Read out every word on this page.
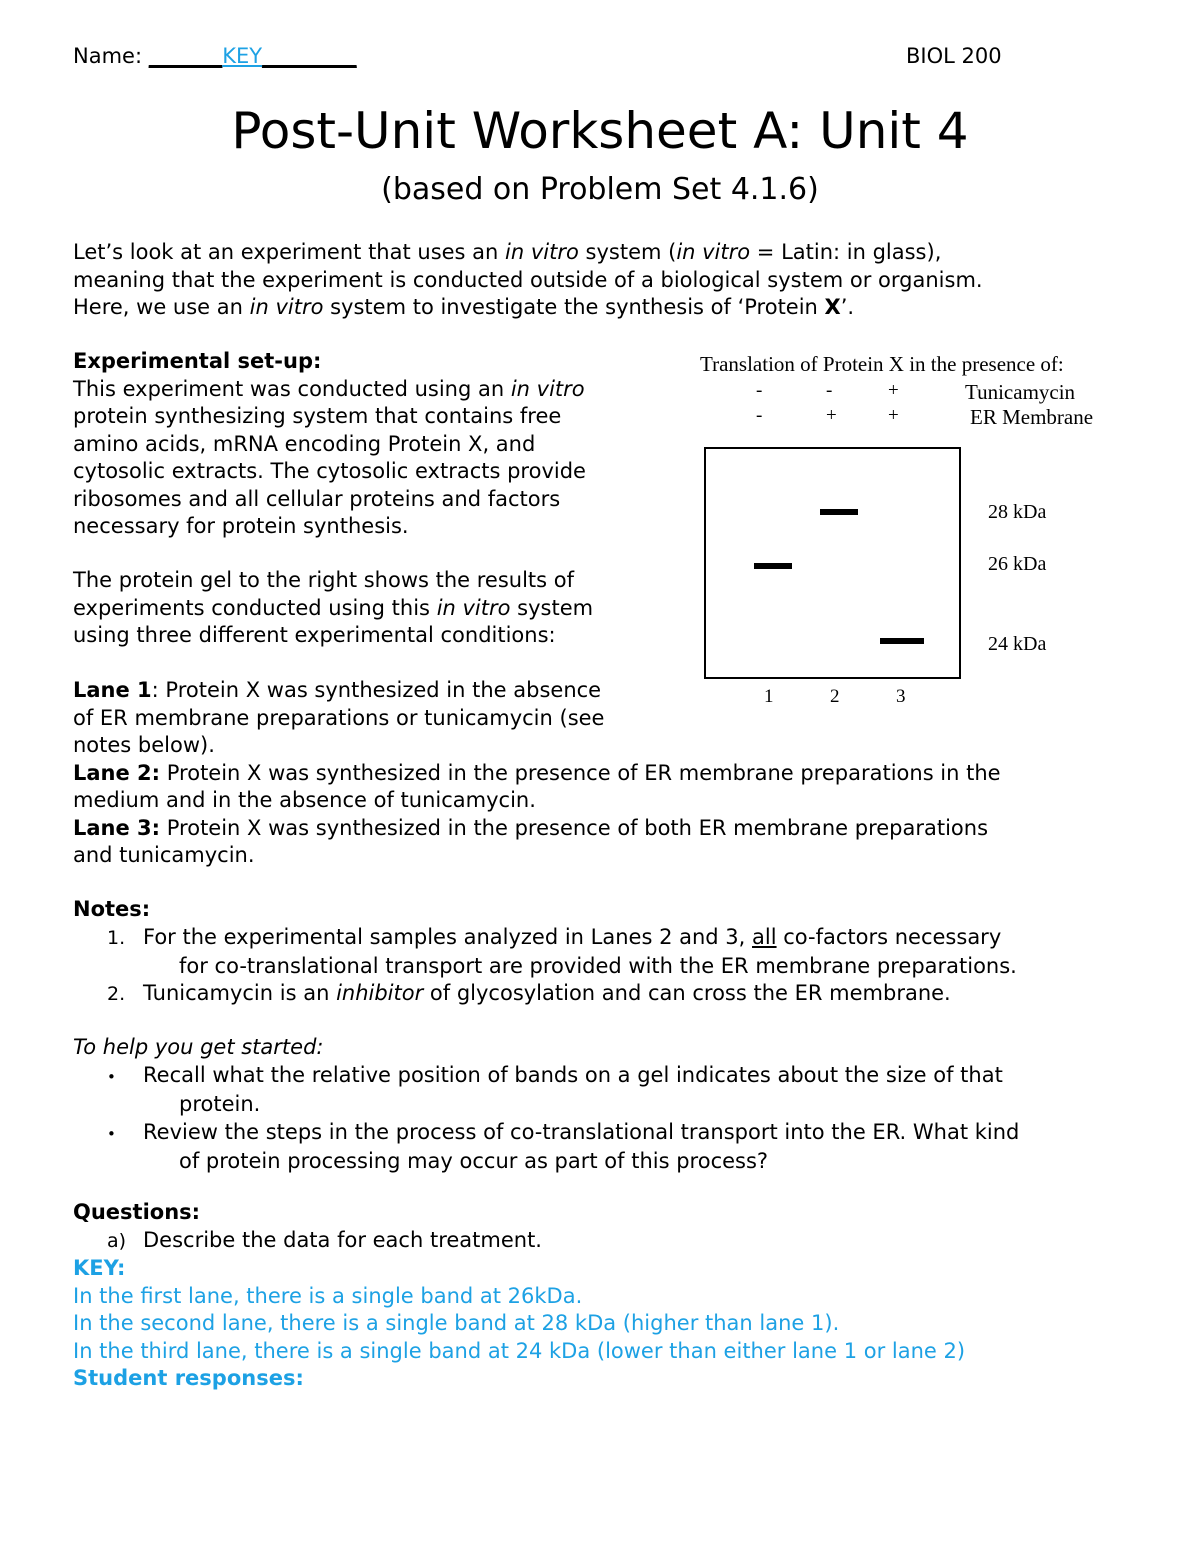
Name: _______KEY_________	BIOL 200
Post-Unit Worksheet A: Unit 4
(based on Problem Set 4.1.6)
Let’s look at an experiment that uses an in vitro system (in vitro = Latin: in glass),
meaning that the experiment is conducted outside of a biological system or organism.
Here, we use an in vitro system to investigate the synthesis of ‘Protein X’.
Experimental set-up:
This experiment was conducted using an in vitro
protein synthesizing system that contains free
amino acids, mRNA encoding Protein X, and
cytosolic extracts. The cytosolic extracts provide
ribosomes and all cellular proteins and factors
necessary for protein synthesis.
The protein gel to the right shows the results of
experiments conducted using this in vitro system
using three different experimental conditions:
Lane 1: Protein X was synthesized in the absence
of ER membrane preparations or tunicamycin (see
notes below).
Lane 2: Protein X was synthesized in the presence of ER membrane preparations in the
medium and in the absence of tunicamycin.
Lane 3: Protein X was synthesized in the presence of both ER membrane preparations
and tunicamycin.
Notes:
1. For the experimental samples analyzed in Lanes 2 and 3, all co-factors necessary
for co-translational transport are provided with the ER membrane preparations.
2. Tunicamycin is an inhibitor of glycosylation and can cross the ER membrane.
To help you get started:
• Recall what the relative position of bands on a gel indicates about the size of that
protein.
• Review the steps in the process of co-translational transport into the ER. What kind
of protein processing may occur as part of this process?
Questions:
a) Describe the data for each treatment.
KEY:
In the first lane, there is a single band at 26kDa.
In the second lane, there is a single band at 28 kDa (higher than lane 1).
In the third lane, there is a single band at 24 kDa (lower than either lane 1 or lane 2)
Student responses:
Translation of Protein X in the presence of:
-	-	+	Tunicamycin
-	+	+	ER Membrane
28 kDa
26 kDa
24 kDa
1	2	3
